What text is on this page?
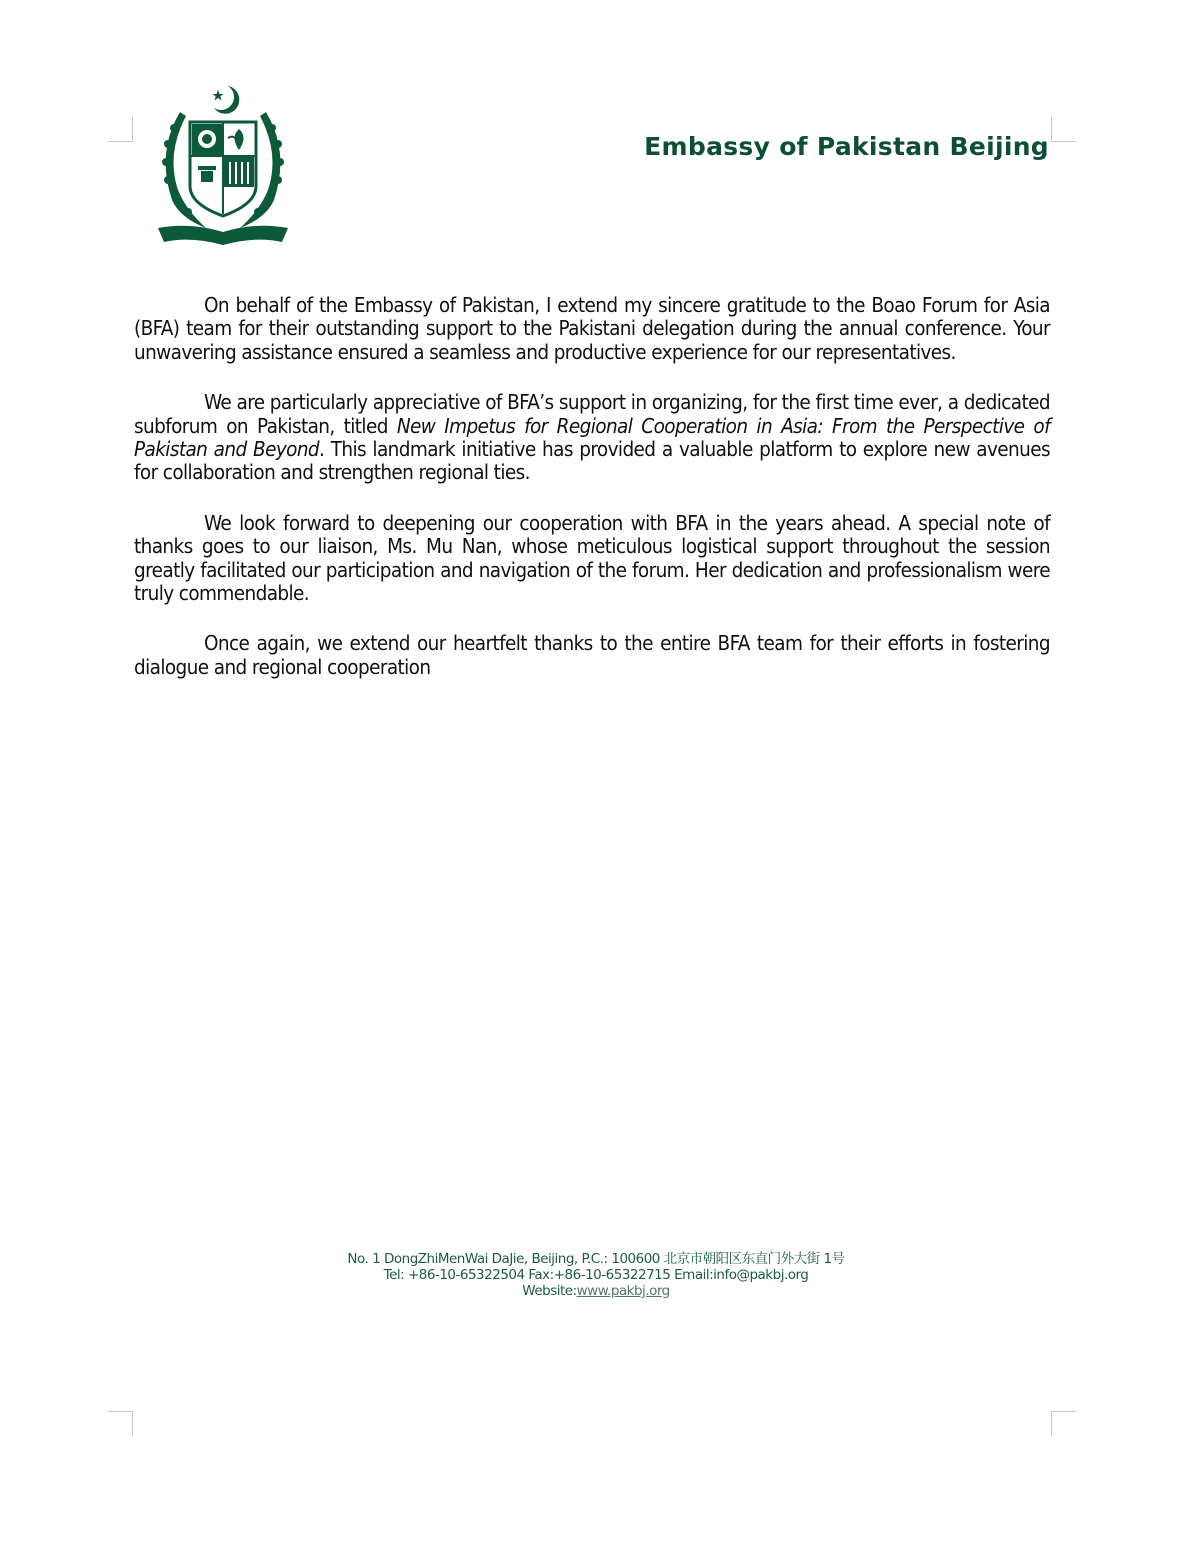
Embassy of Pakistan Beijing

On behalf of the Embassy of Pakistan, I extend my sincere gratitude to the Boao Forum for Asia (BFA) team for their outstanding support to the Pakistani delegation during the annual conference. Your unwavering assistance ensured a seamless and productive experience for our representatives.

We are particularly appreciative of BFA’s support in organizing, for the first time ever, a dedicated subforum on Pakistan, titled New Impetus for Regional Cooperation in Asia: From the Perspective of Pakistan and Beyond. This landmark initiative has provided a valuable platform to explore new avenues for collaboration and strengthen regional ties.

We look forward to deepening our cooperation with BFA in the years ahead. A special note of thanks goes to our liaison, Ms. Mu Nan, whose meticulous logistical support throughout the session greatly facilitated our participation and navigation of the forum. Her dedication and professionalism were truly commendable.

Once again, we extend our heartfelt thanks to the entire BFA team for their efforts in fostering dialogue and regional cooperation

No. 1 DongZhiMenWai DaJie, Beijing, P.C.: 100600 北京市朝阳区东直门外大街 1号
Tel: +86-10-65322504 Fax:+86-10-65322715 Email:info@pakbj.org
Website:www.pakbj.org
